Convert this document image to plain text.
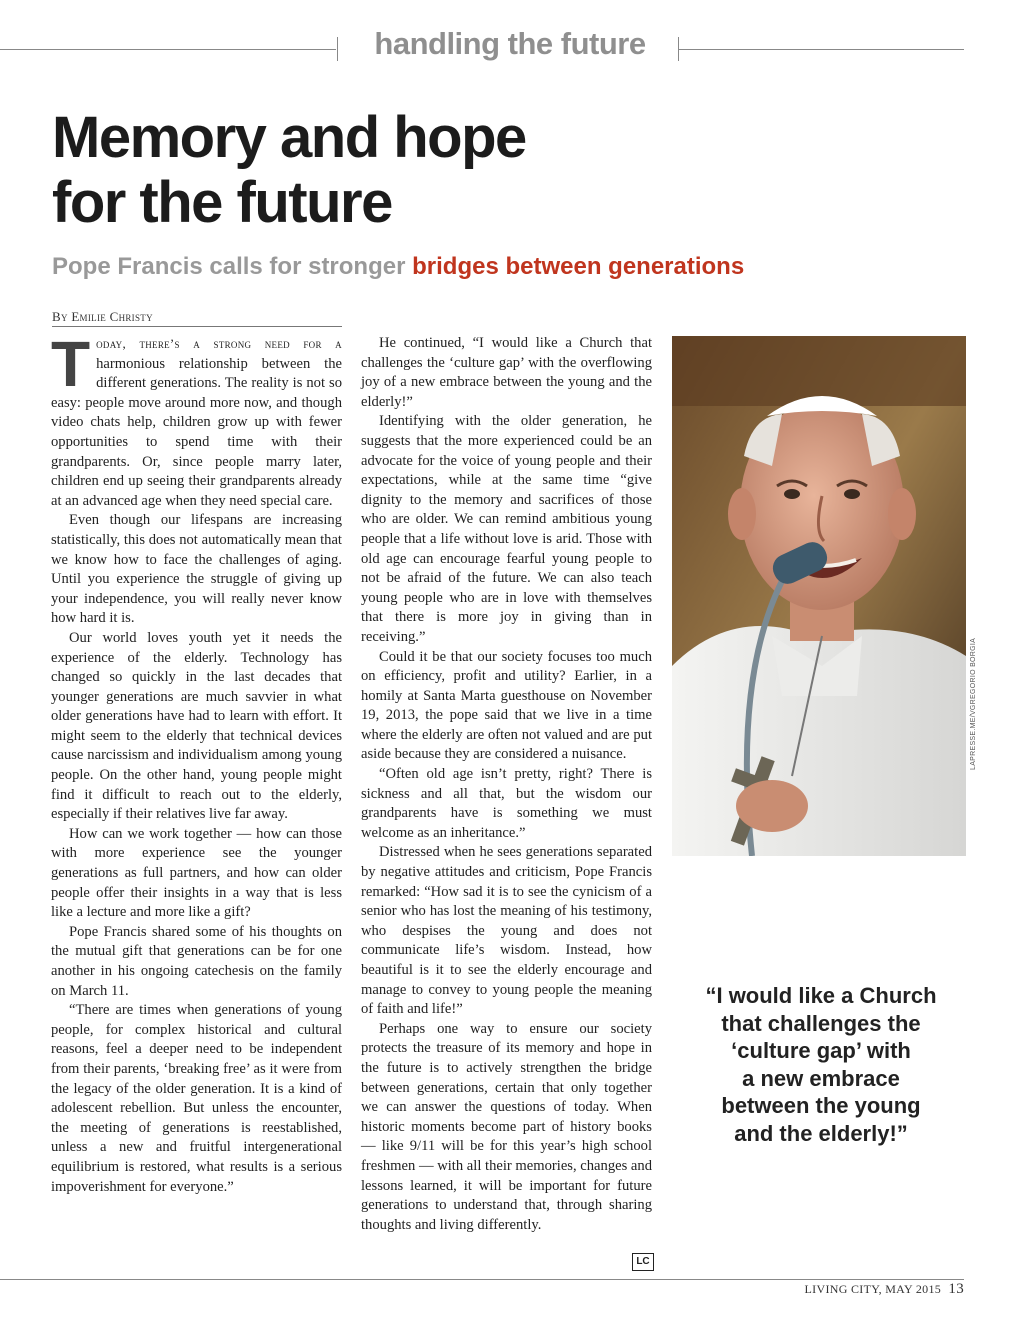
handling the future
Memory and hope
for the future
Pope Francis calls for stronger bridges between generations
By Emilie Christy

Today, there’s a strong need for a harmonious relationship between the different generations. The reality is not so easy: people move around more now, and though video chats help, children grow up with fewer opportunities to spend time with their grandparents. Or, since people marry later, children end up seeing their grandparents already at an advanced age when they need special care.

Even though our lifespans are increasing statistically, this does not automatically mean that we know how to face the challenges of aging. Until you experience the struggle of giving up your independence, you will really never know how hard it is.

Our world loves youth yet it needs the experience of the elderly. Technology has changed so quickly in the last decades that younger generations are much savvier in what older generations have had to learn with effort. It might seem to the elderly that technical devices cause narcissism and individualism among young people. On the other hand, young people might find it difficult to reach out to the elderly, especially if their relatives live far away.

How can we work together — how can those with more experience see the younger generations as full partners, and how can older people offer their insights in a way that is less like a lecture and more like a gift?

Pope Francis shared some of his thoughts on the mutual gift that generations can be for one another in his ongoing catechesis on the family on March 11.

“There are times when generations of young people, for complex historical and cultural reasons, feel a deeper need to be independent from their parents, ‘breaking free’ as it were from the legacy of the older generation. It is a kind of adolescent rebellion. But unless the encounter, the meeting of generations is reestablished, unless a new and fruitful intergenerational equilibrium is restored, what results is a serious impoverishment for everyone.”

He continued, “I would like a Church that challenges the ‘culture gap’ with the overflowing joy of a new embrace between the young and the elderly!”

Identifying with the older generation, he suggests that the more experienced could be an advocate for the voice of young people and their expectations, while at the same time “give dignity to the memory and sacrifices of those who are older. We can remind ambitious young people that a life without love is arid. Those with old age can encourage fearful young people to not be afraid of the future. We can also teach young people who are in love with themselves that there is more joy in giving than in receiving.”

Could it be that our society focuses too much on efficiency, profit and utility? Earlier, in a homily at Santa Marta guesthouse on November 19, 2013, the pope said that we live in a time where the elderly are often not valued and are put aside because they are considered a nuisance.

“Often old age isn’t pretty, right? There is sickness and all that, but the wisdom our grandparents have is something we must welcome as an inheritance.”

Distressed when he sees generations separated by negative attitudes and criticism, Pope Francis remarked: “How sad it is to see the cynicism of a senior who has lost the meaning of his testimony, who despises the young and does not communicate life’s wisdom. Instead, how beautiful is it to see the elderly encourage and manage to convey to young people the meaning of faith and life!”

Perhaps one way to ensure our society protects the treasure of its memory and hope in the future is to actively strengthen the bridge between generations, certain that only together we can answer the questions of today. When historic moments become part of history books — like 9/11 will be for this year’s high school freshmen — with all their memories, changes and lessons learned, it will be important for future generations to understand that, through sharing thoughts and living differently.

LC
LAPRESSE.ME/VGREGORIO BORGIA
“I would like a Church
that challenges the
‘culture gap’ with
a new embrace
between the young
and the elderly!”
LIVING CITY, MAY 2015 13
